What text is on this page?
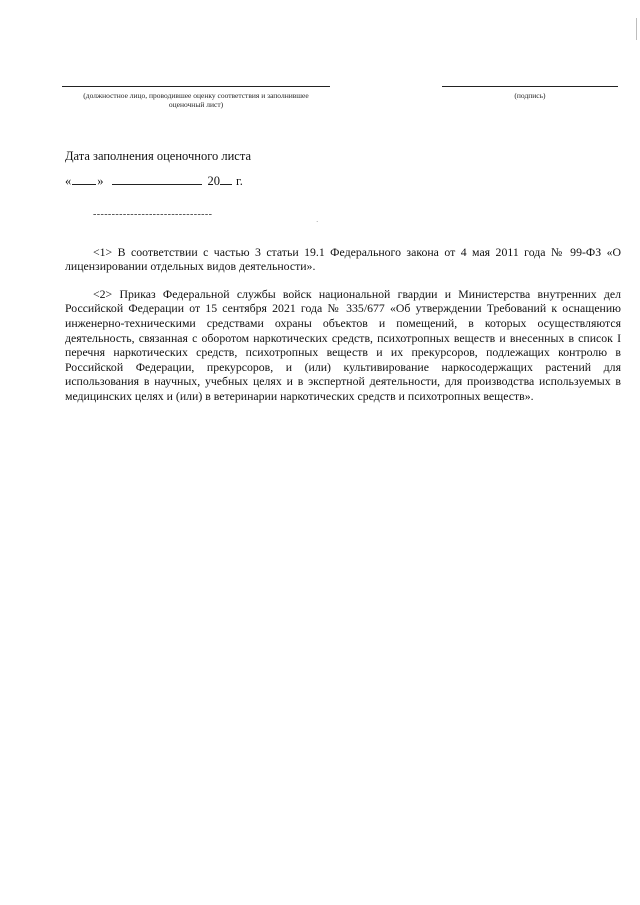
(должностное лицо, проводившее оценку соответствия и заполнившее
оценочный лист)
(подпись)
Дата заполнения оценочного листа
« »	20 г.
--------------------------------
·

<1> В соответствии с частью 3 статьи 19.1 Федерального закона от 4 мая 2011 года № 99-ФЗ «О лицензировании отдельных видов деятельности».

<2> Приказ Федеральной службы войск национальной гвардии и Министерства внутренних дел Российской Федерации от 15 сентября 2021 года № 335/677 «Об утверждении Требований к оснащению инженерно-техническими средствами охраны объектов и помещений, в которых осуществляются деятельность, связанная с оборотом наркотических средств, психотропных веществ и внесенных в список I перечня наркотических средств, психотропных веществ и их прекурсоров, подлежащих контролю в Российской Федерации, прекурсоров, и (или) культивирование наркосодержащих растений для использования в научных, учебных целях и в экспертной деятельности, для производства используемых в медицинских целях и (или) в ветеринарии наркотических средств и психотропных веществ».
